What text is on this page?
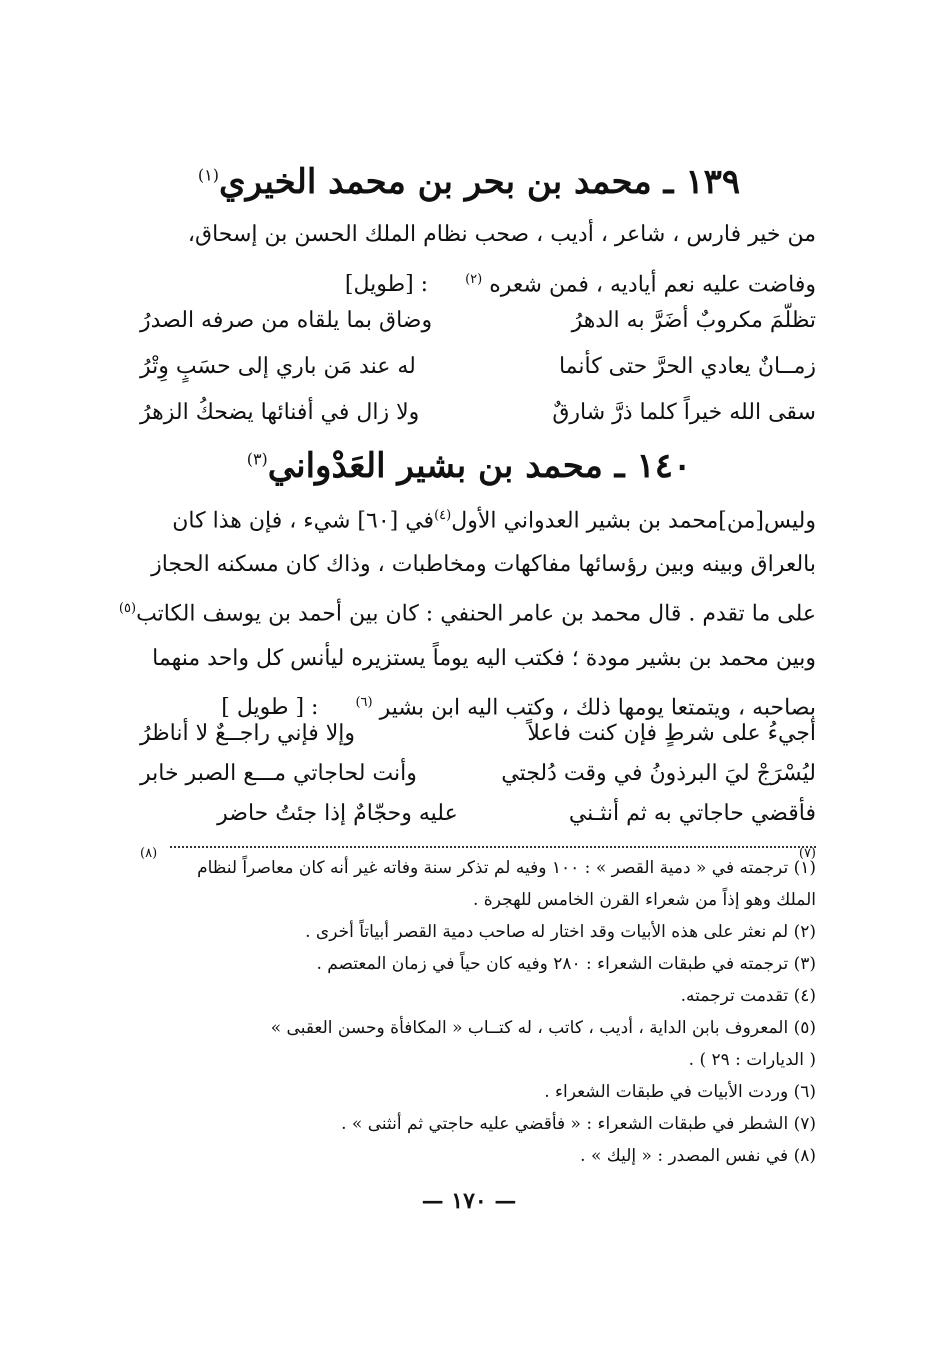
١٣٩ ـ محمد بن بحر بن محمد الخيري$^{(١)}$

من خير فارس ، شاعر ، أديب ، صحب نظام الملك الحسن بن إسحاق،

وفاضت عليه نعم أياديه ، فمن شعره $^{(٢)}$ : [طويل]

تظلّمَ مكروبٌ أضَرَّ به الدهرُ
وضاق بما يلقاه من صرفه الصدرُ
زمــانٌ يعادي الحرَّ حتى كأنما
له عند مَن باري إلى حسَبٍ وِتْرُ
سقى الله خيراً كلما ذرَّ شارقٌ
ولا زال في أفنائها يضحكُ الزهرُ
١٤٠ ـ محمد بن بشير العَدْواني$^{(٣)}$

وليس[من]محمد بن بشير العدواني الأول$^{(٤)}$في [٦٠] شيء ، فإن هذا كان

بالعراق وبينه وبين رؤسائها مفاكهات ومخاطبات ، وذاك كان مسكنه الحجاز

على ما تقدم . قال محمد بن عامر الحنفي : كان بين أحمد بن يوسف الكاتب$^{(٥)}$

وبين محمد بن بشير مودة ؛ فكتب اليه يوماً يستزيره ليأنس كل واحد منهما

بصاحبه ، ويتمتعا يومها ذلك ، وكتب اليه ابن بشير $^{(٦)}$ : [ طويل ]

أجيءُ على شرطٍ فإن كنت فاعلاً
وإلا فإني راجــعٌ لا أناظرُ
ليُسْرَجْ ليَ البرذونُ في وقت دُلجتي
وأنت لحاجاتي مـــع الصبر خابر
فأقضي حاجاتي به ثم أنثـني
$^{(٧)}$
عليه وحجّامٌ إذا جئتُ حاضر
$^{(٨)}$

(١) ترجمته في « دمية القصر » : ١٠٠ وفيه لم تذكر سنة وفاته غير أنه كان معاصراً لنظام

الملك وهو إذاً من شعراء القرن الخامس للهجرة .

(٢) لم نعثر على هذه الأبيات وقد اختار له صاحب دمية القصر أبياتاً أخرى .

(٣) ترجمته في طبقات الشعراء : ٢٨٠ وفيه كان حياً في زمان المعتصم .

(٤) تقدمت ترجمته.

(٥) المعروف بابن الداية ، أديب ، كاتب ، له كتــاب « المكافأة وحسن العقبى »

( الديارات : ٢٩ ) .

(٦) وردت الأبيات في طبقات الشعراء .

(٧) الشطر في طبقات الشعراء : « فأقضي عليه حاجتي ثم أنثنى » .

(٨) في نفس المصدر : « إليك » .

— ١٧٠ —
